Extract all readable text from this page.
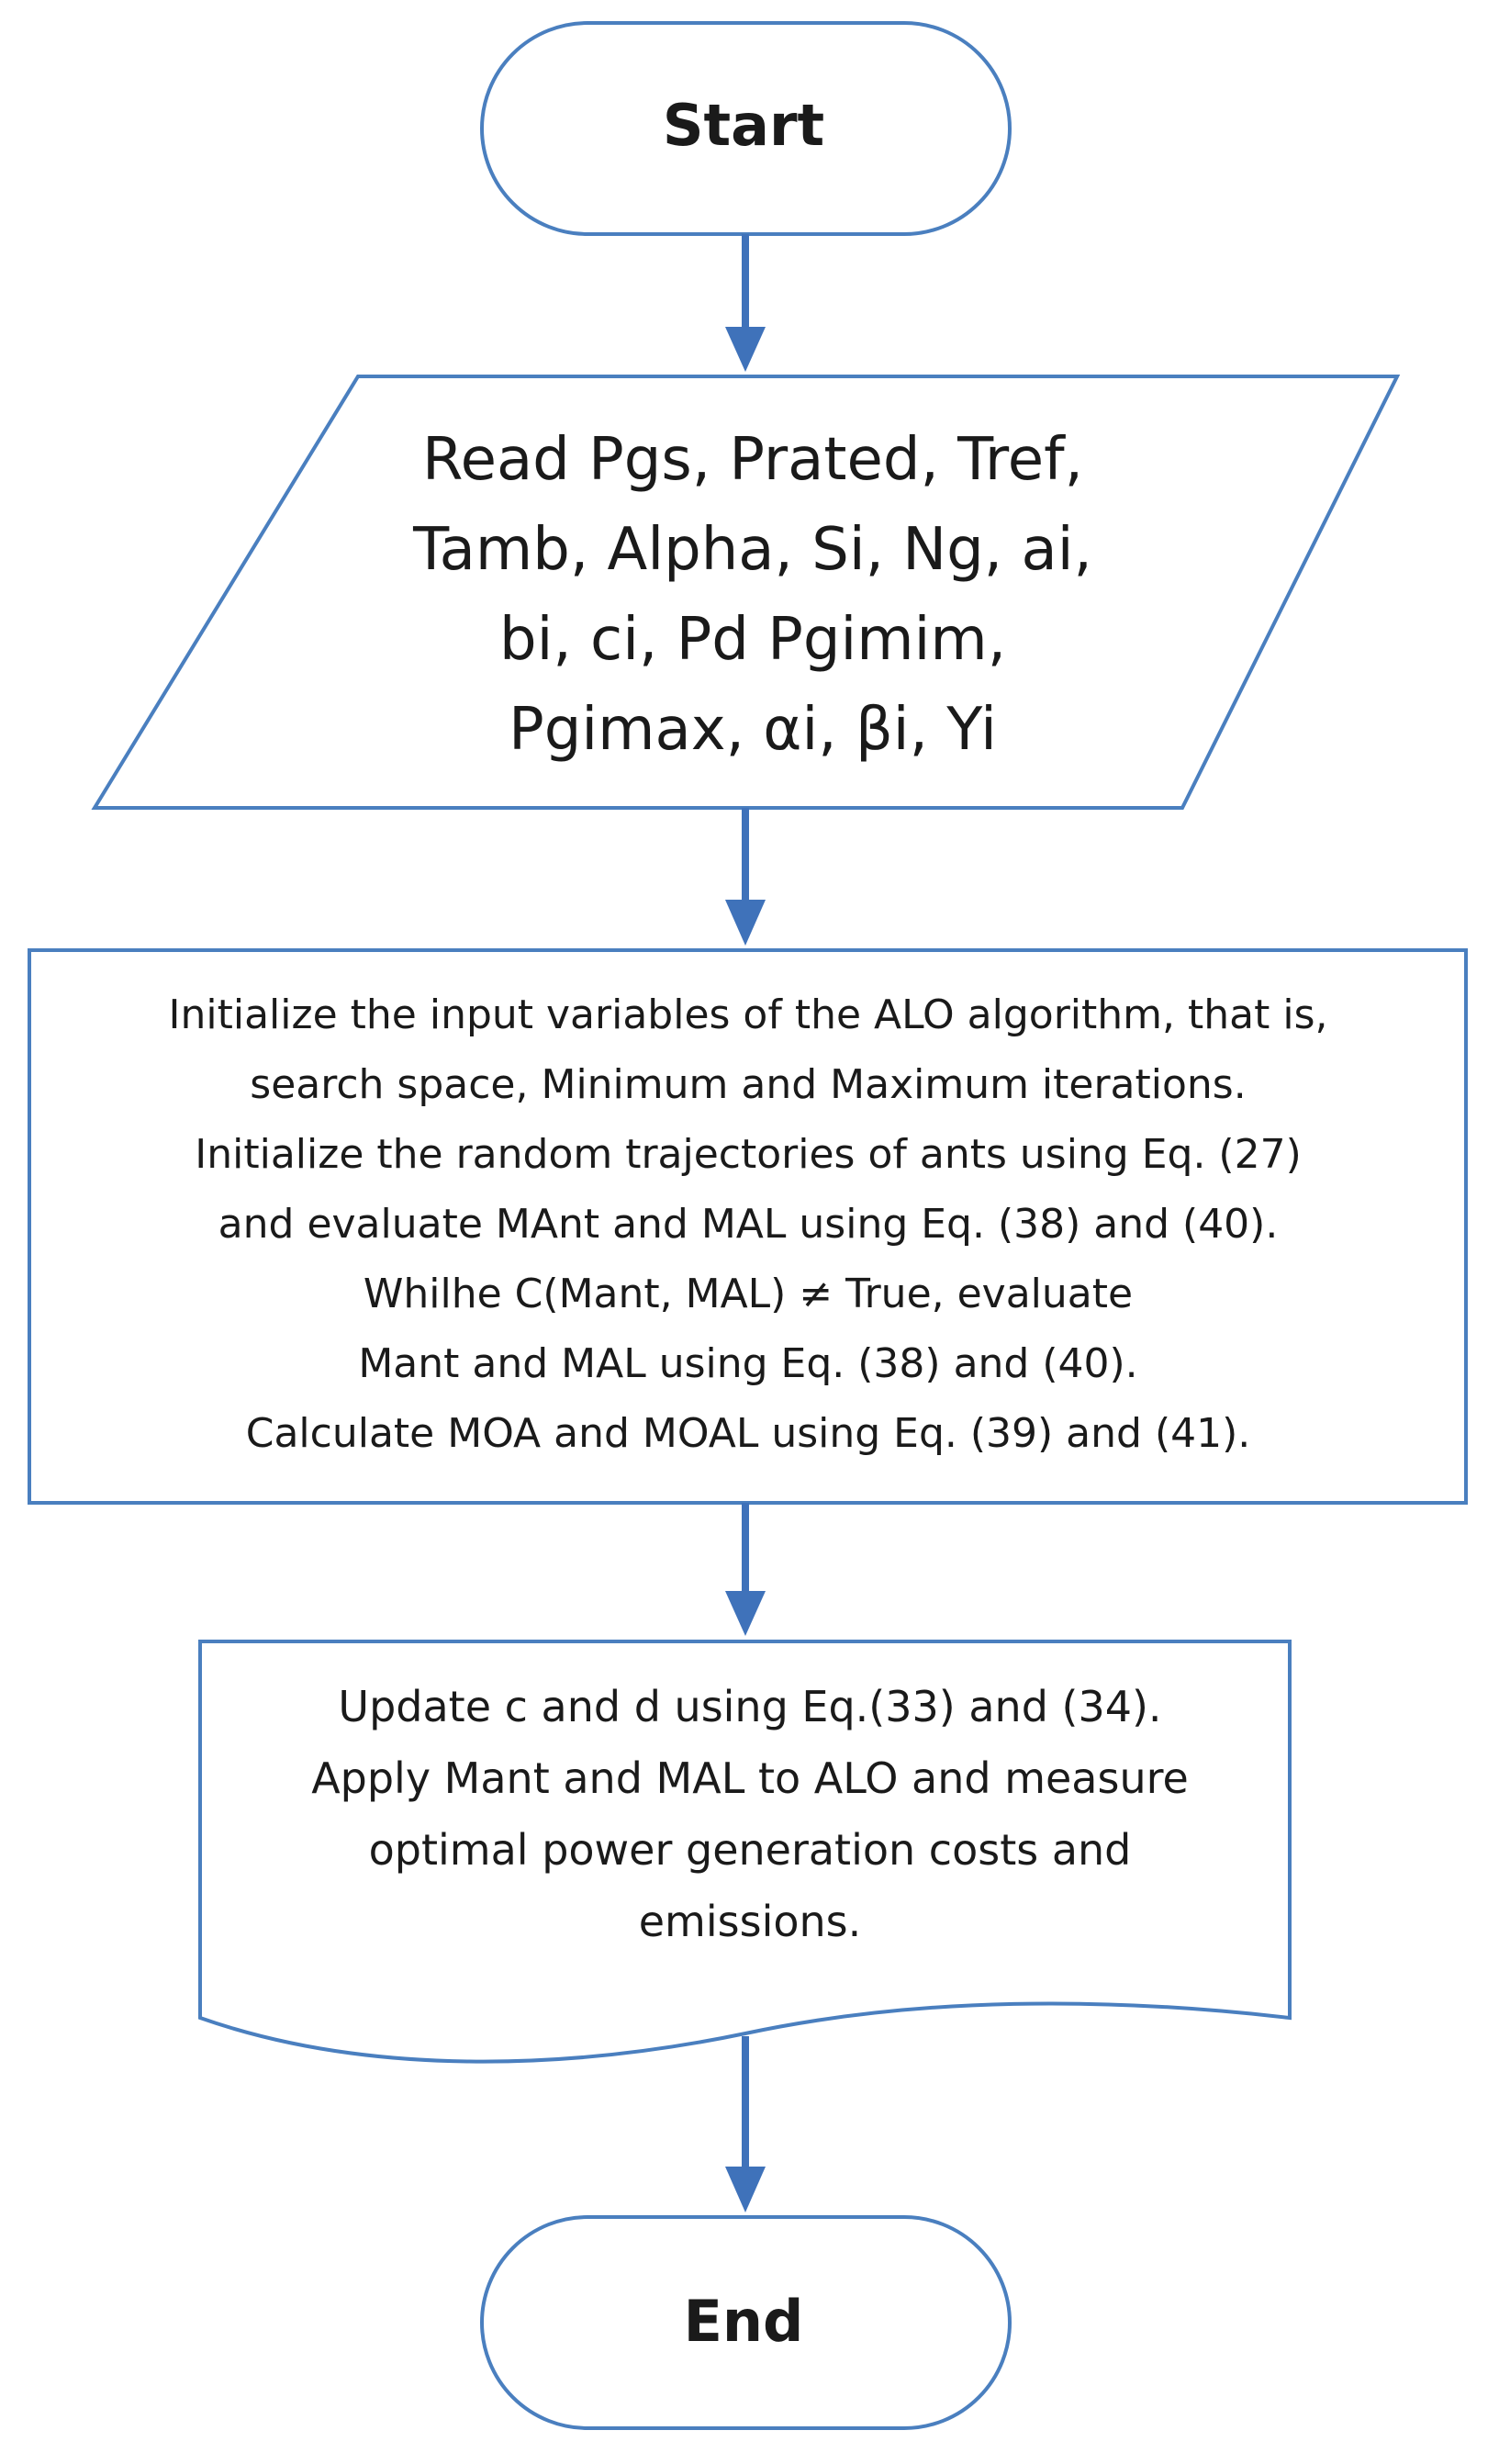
Start
Read Pgs, Prated, Tref,
Tamb, Alpha, Si, Ng, ai,
bi, ci, Pd Pgimim,
Pgimax, αi, βi, Yi
Initialize the input variables of the ALO algorithm, that is,
search space, Minimum and Maximum iterations.
Initialize the random trajectories of ants using Eq. (27)
and evaluate MAnt and MAL using Eq. (38) and (40).
Whilhe C(Mant, MAL) ≠ True, evaluate
Mant and MAL using Eq. (38) and (40).
Calculate MOA and MOAL using Eq. (39) and (41).
Update c and d using Eq.(33) and (34).
Apply Mant and MAL to ALO and measure
optimal power generation costs and
emissions.
End
